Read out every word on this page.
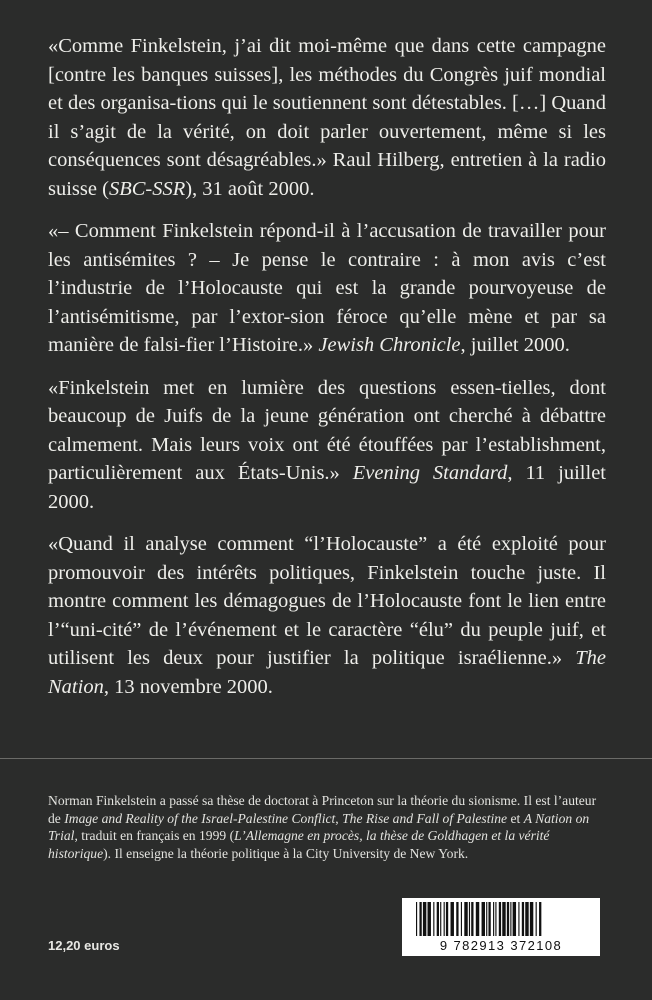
«Comme Finkelstein, j’ai dit moi-même que dans cette campagne [contre les banques suisses], les méthodes du Congrès juif mondial et des organisa-tions qui le soutiennent sont détestables. […] Quand il s’agit de la vérité, on doit parler ouvertement, même si les conséquences sont désagréables.» Raul Hilberg, entretien à la radio suisse (SBC-SSR), 31 août 2000.

«– Comment Finkelstein répond-il à l’accusation de travailler pour les antisémites ? – Je pense le contraire : à mon avis c’est l’industrie de l’Holocauste qui est la grande pourvoyeuse de l’antisémitisme, par l’extor-sion féroce qu’elle mène et par sa manière de falsi-fier l’Histoire.» Jewish Chronicle, juillet 2000.

«Finkelstein met en lumière des questions essen-tielles, dont beaucoup de Juifs de la jeune génération ont cherché à débattre calmement. Mais leurs voix ont été étouffées par l’establishment, particulièrement aux États-Unis.» Evening Standard, 11 juillet 2000.

«Quand il analyse comment “l’Holocauste” a été exploité pour promouvoir des intérêts politiques, Finkelstein touche juste. Il montre comment les démagogues de l’Holocauste font le lien entre l’“uni-cité” de l’événement et le caractère “élu” du peuple juif, et utilisent les deux pour justifier la politique israélienne.» The Nation, 13 novembre 2000.

Norman Finkelstein a passé sa thèse de doctorat à Princeton sur la théorie du sionisme. Il est l’auteur de Image and Reality of the Israel-Palestine Conflict, The Rise and Fall of Palestine et A Nation on Trial, traduit en français en 1999 (L’Allemagne en procès, la thèse de Goldhagen et la vérité historique). Il enseigne la théorie politique à la City University de New York.
12,20 euros	9 782913 372108
